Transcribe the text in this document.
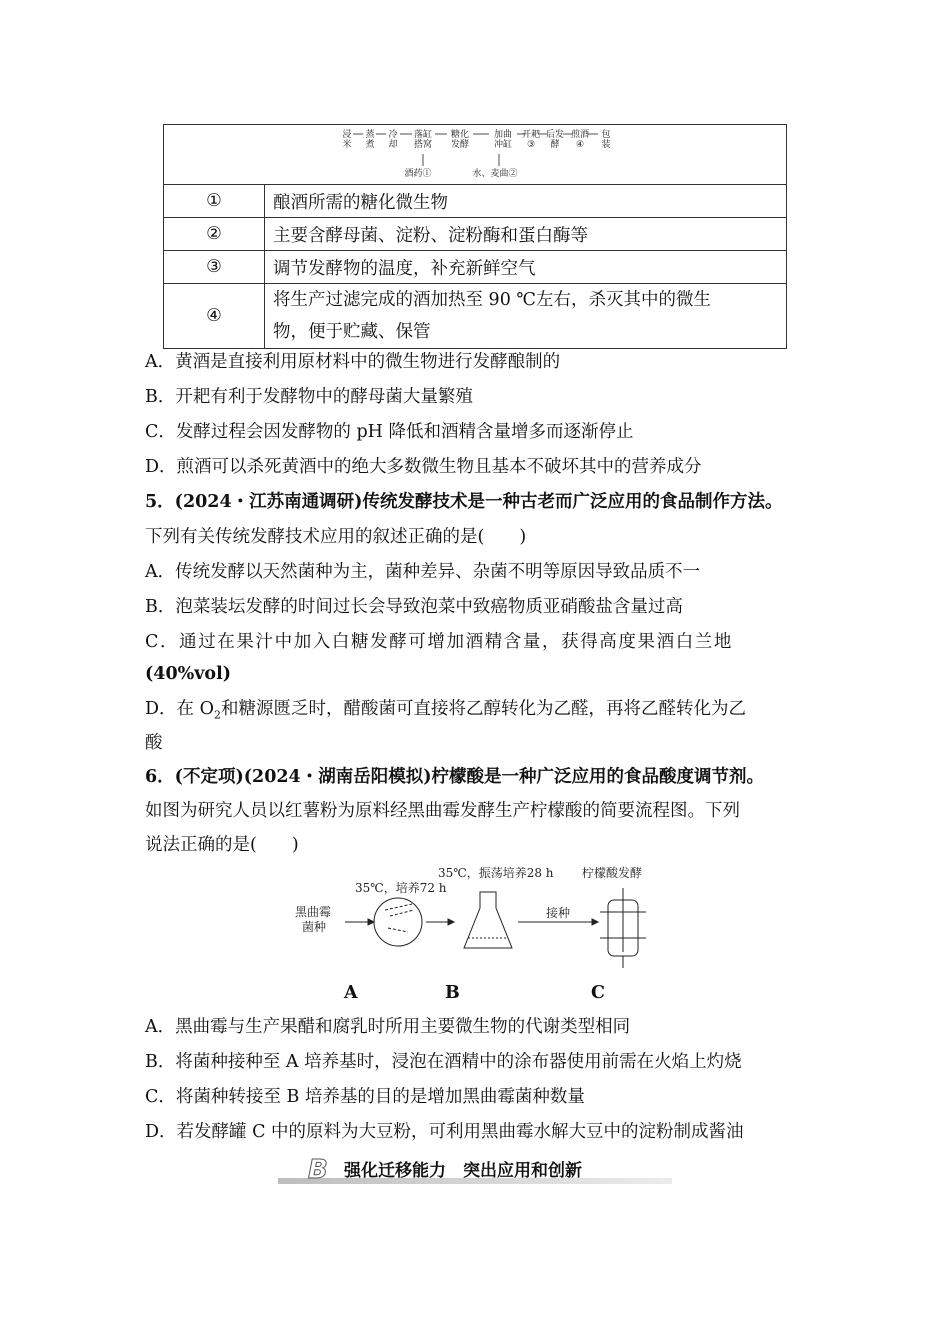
浸米
蒸煮
冷却
落缸搭窝
糖化发酵
加曲冲缸
开耙 ③
后发酵
煎酒 ④
包装
酒药①	水、麦曲②

①	酿酒所需的糖化微生物
②	主要含酵母菌、淀粉、淀粉酶和蛋白酶等
③	调节发酵物的温度，补充新鲜空气
④	将生产过滤完成的酒加热至 90 ℃左右，杀灭其中的微生
物，便于贮藏、保管
A．黄酒是直接利用原材料中的微生物进行发酵酿制的
B．开耙有利于发酵物中的酵母菌大量繁殖
C．发酵过程会因发酵物的 pH 降低和酒精含量增多而逐渐停止
D．煎酒可以杀死黄酒中的绝大多数微生物且基本不破坏其中的营养成分
5．(2024・江苏南通调研)传统发酵技术是一种古老而广泛应用的食品制作方法。
下列有关传统发酵技术应用的叙述正确的是(　　)
A．传统发酵以天然菌种为主，菌种差异、杂菌不明等原因导致品质不一
B．泡菜装坛发酵的时间过长会导致泡菜中致癌物质亚硝酸盐含量过高
C．通过在果汁中加入白糖发酵可增加酒精含量，获得高度果酒白兰地
(40%vol)
D．在 $O_2$和糖源匮乏时，醋酸菌可直接将乙醇转化为乙醛，再将乙醛转化为乙
酸
6．(不定项)(2024・湖南岳阳模拟)柠檬酸是一种广泛应用的食品酸度调节剂。
如图为研究人员以红薯粉为原料经黑曲霉发酵生产柠檬酸的简要流程图。下列
说法正确的是(　　)
黑曲霉
菌种
35℃，培养72 h
35℃，振荡培养28 h 柠檬酸发酵
接种
A	B	C
A．黑曲霉与生产果醋和腐乳时所用主要微生物的代谢类型相同
B．将菌种接种至 A 培养基时，浸泡在酒精中的涂布器使用前需在火焰上灼烧
C．将菌种转接至 B 培养基的目的是增加黑曲霉菌种数量
D．若发酵罐 C 中的原料为大豆粉，可利用黑曲霉水解大豆中的淀粉制成酱油
B 强化迁移能力　突出应用和创新
